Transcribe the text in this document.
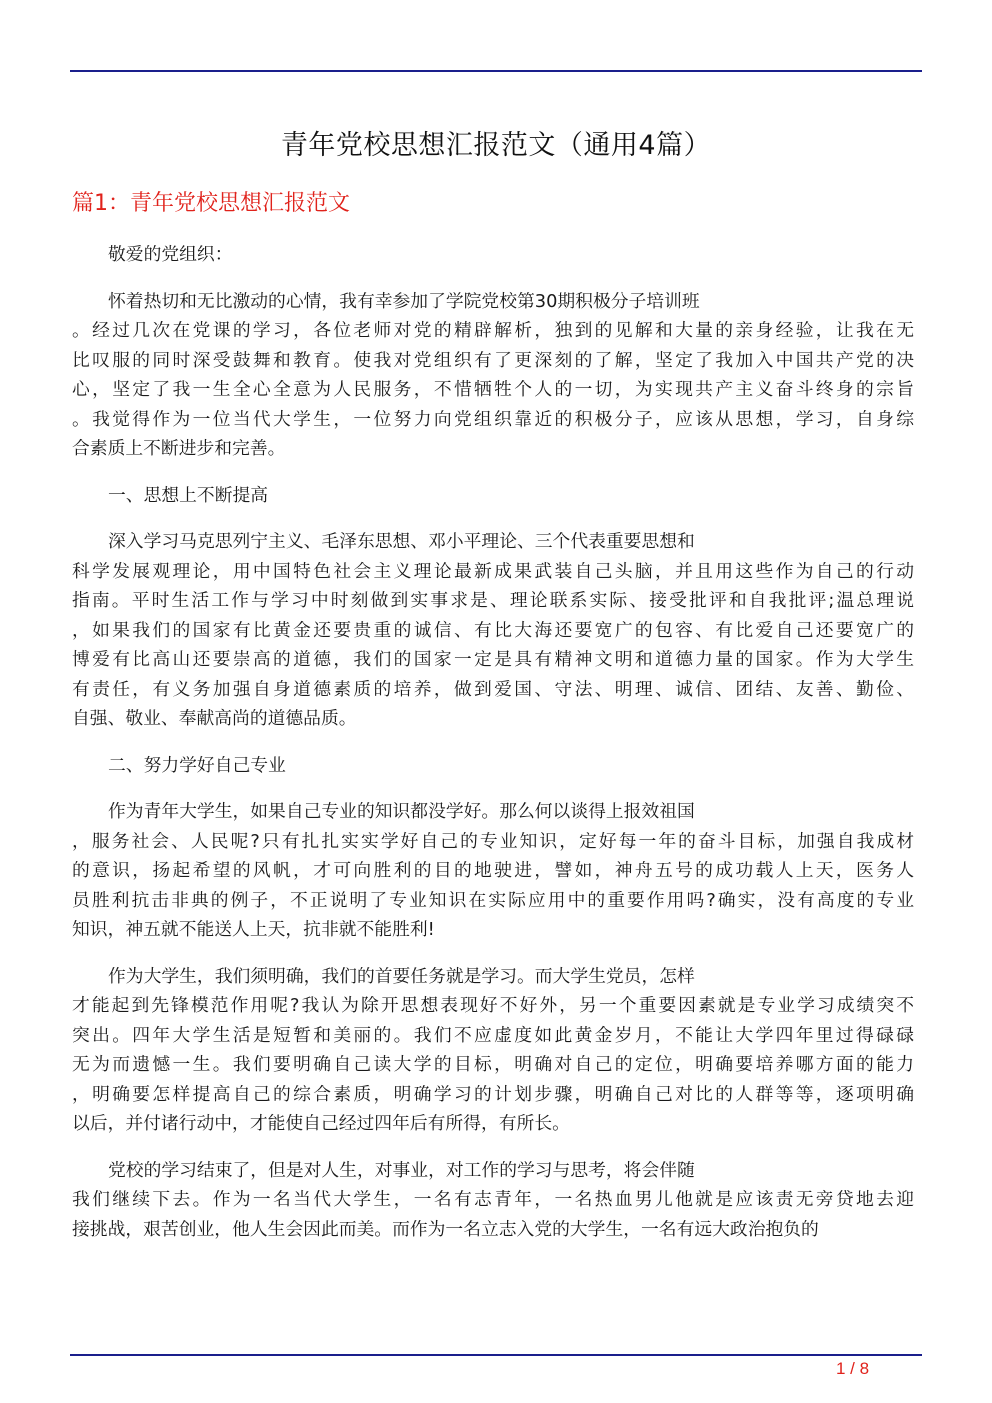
青年党校思想汇报范文（通用4篇）
篇1：青年党校思想汇报范文
敬爱的党组织：
怀着热切和无比激动的心情，我有幸参加了学院党校第30期积极分子培训班
。经过几次在党课的学习，各位老师对党的精辟解析，独到的见解和大量的亲身经验，让我在无
比叹服的同时深受鼓舞和教育。使我对党组织有了更深刻的了解，坚定了我加入中国共产党的决
心，坚定了我一生全心全意为人民服务，不惜牺牲个人的一切，为实现共产主义奋斗终身的宗旨
。我觉得作为一位当代大学生，一位努力向党组织靠近的积极分子，应该从思想，学习，自身综
合素质上不断进步和完善。
一、思想上不断提高
深入学习马克思列宁主义、毛泽东思想、邓小平理论、三个代表重要思想和
科学发展观理论，用中国特色社会主义理论最新成果武装自己头脑，并且用这些作为自己的行动
指南。平时生活工作与学习中时刻做到实事求是、理论联系实际、接受批评和自我批评;温总理说
，如果我们的国家有比黄金还要贵重的诚信、有比大海还要宽广的包容、有比爱自己还要宽广的
博爱有比高山还要崇高的道德，我们的国家一定是具有精神文明和道德力量的国家。作为大学生
有责任，有义务加强自身道德素质的培养，做到爱国、守法、明理、诚信、团结、友善、勤俭、
自强、敬业、奉献高尚的道德品质。
二、努力学好自己专业
作为青年大学生，如果自己专业的知识都没学好。那么何以谈得上报效祖国
，服务社会、人民呢?只有扎扎实实学好自己的专业知识，定好每一年的奋斗目标，加强自我成材
的意识，扬起希望的风帆，才可向胜利的目的地驶进，譬如，神舟五号的成功载人上天，医务人
员胜利抗击非典的例子，不正说明了专业知识在实际应用中的重要作用吗?确实，没有高度的专业
知识，神五就不能送人上天，抗非就不能胜利!
作为大学生，我们须明确，我们的首要任务就是学习。而大学生党员，怎样
才能起到先锋模范作用呢?我认为除开思想表现好不好外，另一个重要因素就是专业学习成绩突不
突出。四年大学生活是短暂和美丽的。我们不应虚度如此黄金岁月，不能让大学四年里过得碌碌
无为而遗憾一生。我们要明确自己读大学的目标，明确对自己的定位，明确要培养哪方面的能力
，明确要怎样提高自己的综合素质，明确学习的计划步骤，明确自己对比的人群等等，逐项明确
以后，并付诸行动中，才能使自己经过四年后有所得，有所长。
党校的学习结束了，但是对人生，对事业，对工作的学习与思考，将会伴随
我们继续下去。作为一名当代大学生，一名有志青年，一名热血男儿他就是应该责无旁贷地去迎
接挑战，艰苦创业，他人生会因此而美。而作为一名立志入党的大学生，一名有远大政治抱负的
1 / 8
